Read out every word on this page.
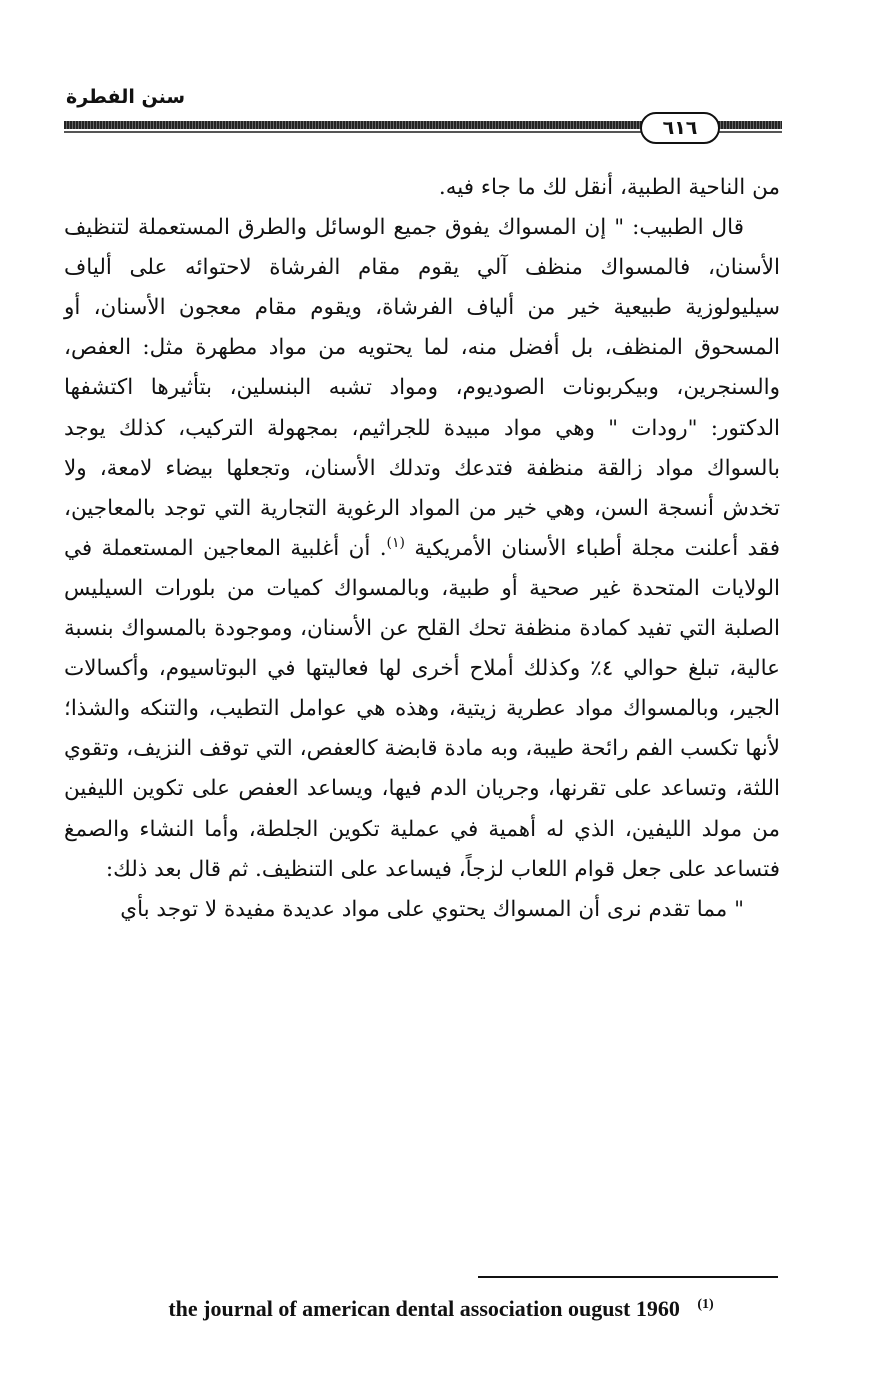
سنن الفطرة
٦١٦

من الناحية الطبية، أنقل لك ما جاء فيه.

قال الطبيب: " إن المسواك يفوق جميع الوسائل والطرق المستعملة لتنظيف الأسنان، فالمسواك منظف آلي يقوم مقام الفرشاة لاحتوائه على ألياف سيليولوزية طبيعية خير من ألياف الفرشاة، ويقوم مقام معجون الأسنان، أو المسحوق المنظف، بل أفضل منه، لما يحتويه من مواد مطهرة مثل: العفص، والسنجرين، وبيكربونات الصوديوم، ومواد تشبه البنسلين، بتأثيرها اكتشفها الدكتور: "رودات " وهي مواد مبيدة للجراثيم، بمجهولة التركيب، كذلك يوجد بالسواك مواد زالقة منظفة فتدعك وتدلك الأسنان، وتجعلها بيضاء لامعة، ولا تخدش أنسجة السن، وهي خير من المواد الرغوية التجارية التي توجد بالمعاجين، فقد أعلنت مجلة أطباء الأسنان الأمريكية $^{(١)}$. أن أغلبية المعاجين المستعملة في الولايات المتحدة غير صحية أو طبية، وبالمسواك كميات من بلورات السيليس الصلبة التي تفيد كمادة منظفة تحك القلح عن الأسنان، وموجودة بالمسواك بنسبة عالية، تبلغ حوالي ٤٪ وكذلك أملاح أخرى لها فعاليتها في البوتاسيوم، وأكسالات الجير، وبالمسواك مواد عطرية زيتية، وهذه هي عوامل التطيب، والتنكه والشذا؛ لأنها تكسب الفم رائحة طيبة، وبه مادة قابضة كالعفص، التي توقف النزيف، وتقوي اللثة، وتساعد على تقرنها، وجريان الدم فيها، ويساعد العفص على تكوين الليفين من مولد الليفين، الذي له أهمية في عملية تكوين الجلطة، وأما النشاء والصمغ فتساعد على جعل قوام اللعاب لزجاً، فيساعد على التنظيف. ثم قال بعد ذلك:

" مما تقدم نرى أن المسواك يحتوي على مواد عديدة مفيدة لا توجد بأي

the journal of american dental association ougust 1960 $^{(1)}$
